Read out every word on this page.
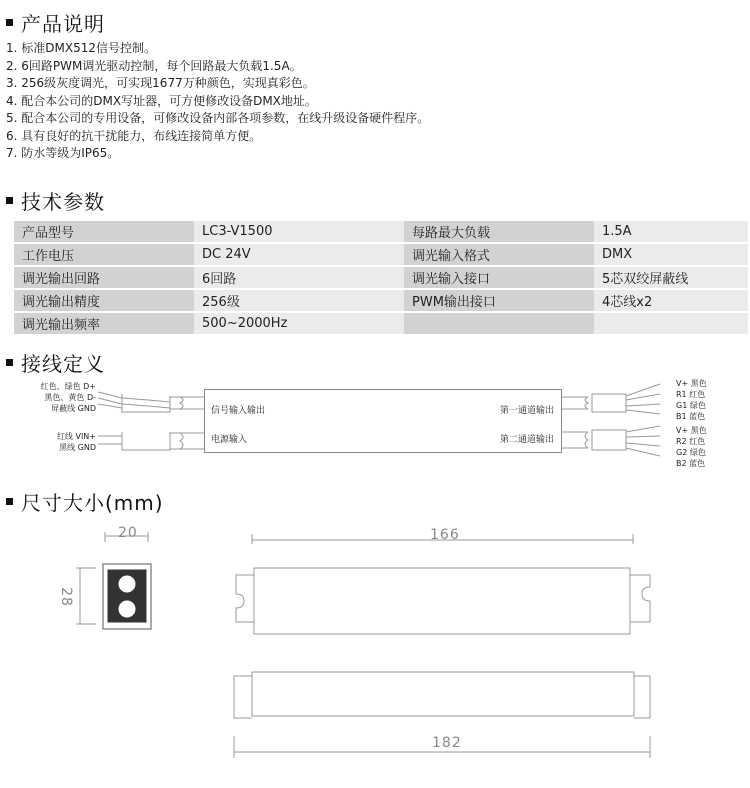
产品说明
1. 标准DMX512信号控制。
2. 6回路PWM调光驱动控制，每个回路最大负载1.5A。
3. 256级灰度调光，可实现1677万种颜色，实现真彩色。
4. 配合本公司的DMX写址器，可方便修改设备DMX地址。
5. 配合本公司的专用设备，可修改设备内部各项参数，在线升级设备硬件程序。
6. 具有良好的抗干扰能力，布线连接简单方便。
7. 防水等级为IP65。
技术参数
产品型号	LC3-V1500	每路最大负载	1.5A
工作电压	DC 24V	调光输入格式	DMX
调光输出回路	6回路	调光输入接口	5芯双绞屏蔽线
调光输出精度	256级	PWM输出接口	4芯线x2
调光输出频率	500~2000Hz		
接线定义
信号输入输出
电源输入
第一通道输出
第二通道输出
红色、绿色 D+
黑色、黄色 D-
屏蔽线 GND
红线 VIN+
黑线 GND
V+ 黑色
R1 红色
G1 绿色
B1 蓝色
V+ 黑色
R2 红色
G2 绿色
B2 蓝色
尺寸大小(mm)
20
28
166
182
